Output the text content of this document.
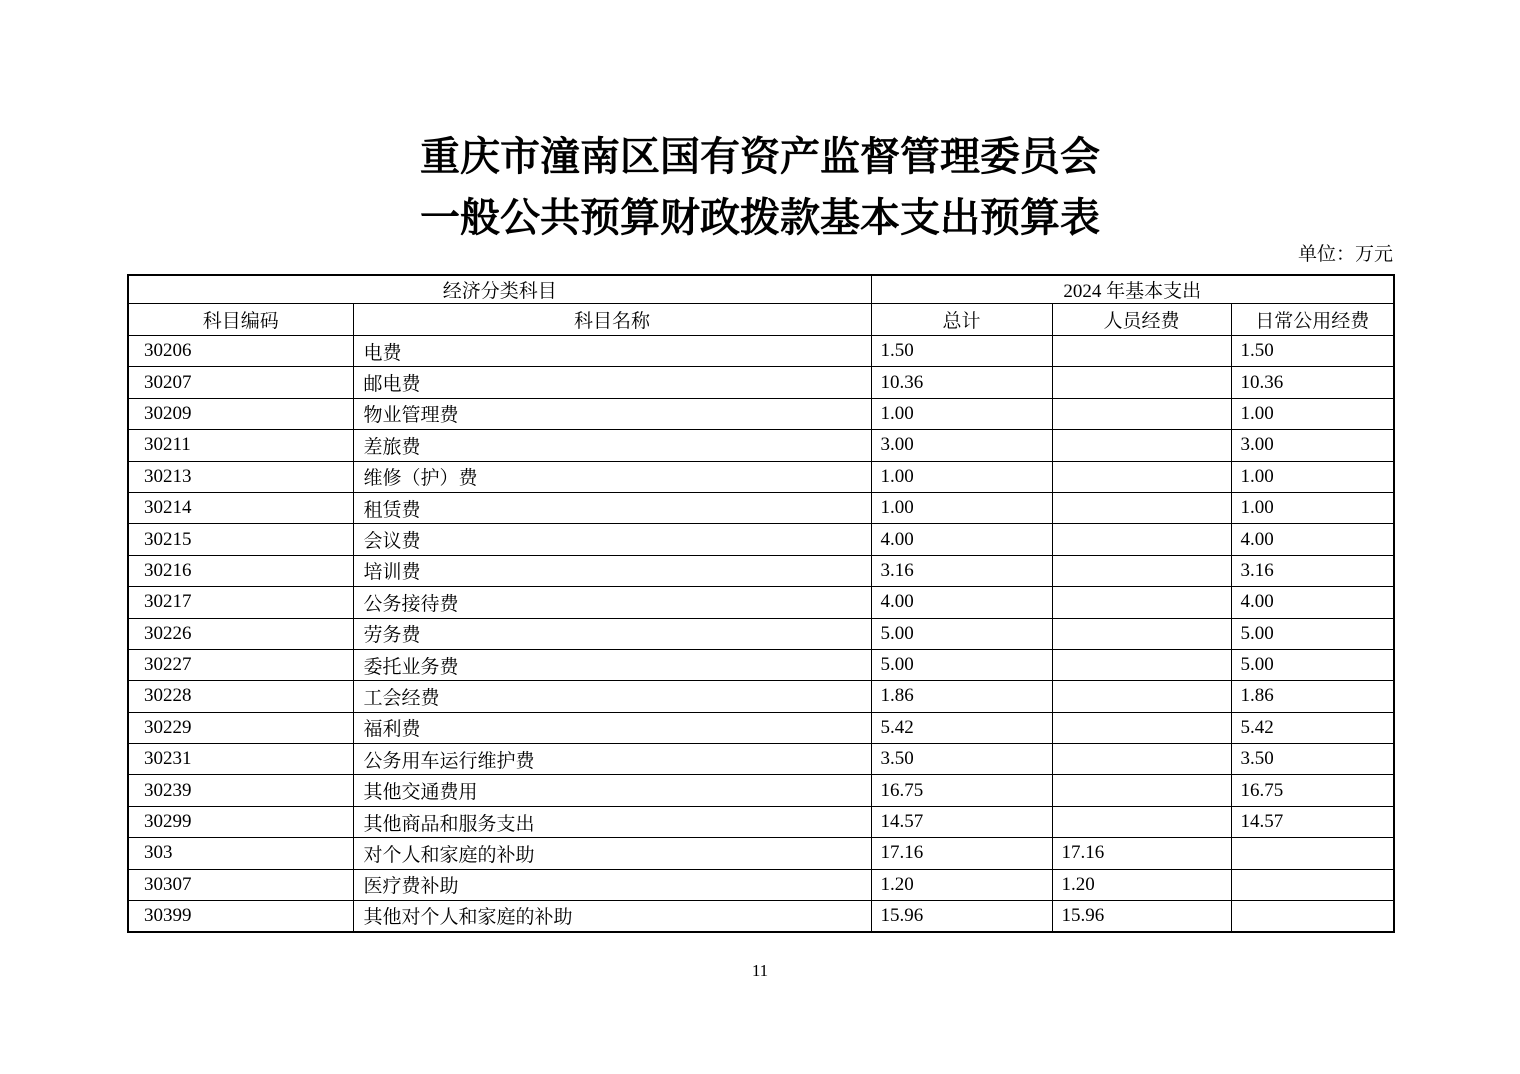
重庆市潼南区国有资产监督管理委员会
一般公共预算财政拨款基本支出预算表
单位：万元
经济分类科目		2024 年基本支出		
科目编码	科目名称	总计	人员经费	日常公用经费
30206	电费	1.50		1.50
30207	邮电费	10.36		10.36
30209	物业管理费	1.00		1.00
30211	差旅费	3.00		3.00
30213	维修（护）费	1.00		1.00
30214	租赁费	1.00		1.00
30215	会议费	4.00		4.00
30216	培训费	3.16		3.16
30217	公务接待费	4.00		4.00
30226	劳务费	5.00		5.00
30227	委托业务费	5.00		5.00
30228	工会经费	1.86		1.86
30229	福利费	5.42		5.42
30231	公务用车运行维护费	3.50		3.50
30239	其他交通费用	16.75		16.75
30299	其他商品和服务支出	14.57		14.57
303	对个人和家庭的补助	17.16	17.16	
30307	医疗费补助	1.20	1.20	
30399	其他对个人和家庭的补助	15.96	15.96	
11
